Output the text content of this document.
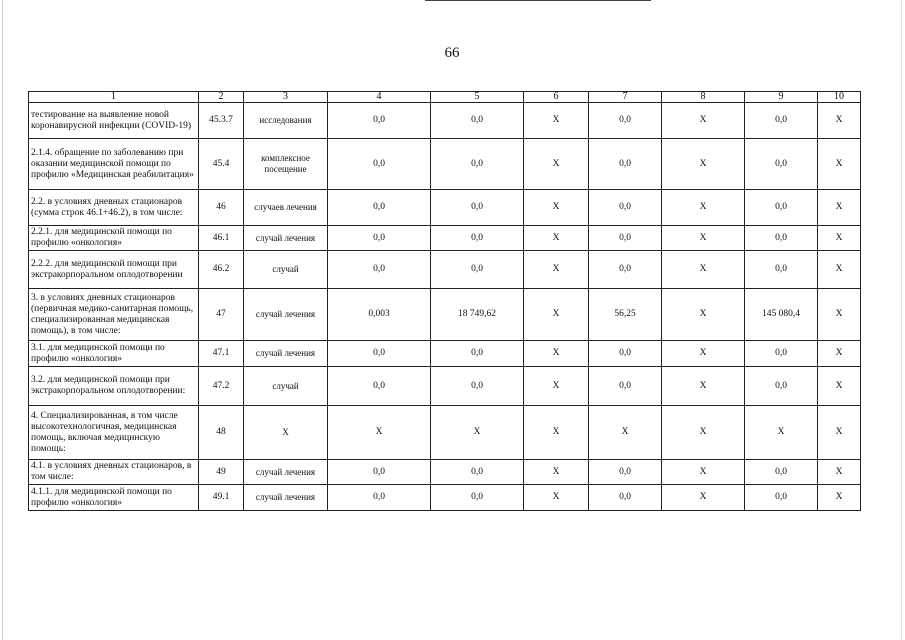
66
1	2	3	4	5	6	7	8	9	10
тестирование на выявление новой коронавирусной инфекции (COVID-19)	45.3.7	исследования	0,0	0,0	Х	0,0	Х	0,0	Х
2.1.4. обращение по заболеванию при оказании медицинской помощи по профилю «Медицинская реабилитация»	45.4	комплексное посещение	0,0	0,0	Х	0,0	Х	0,0	Х
2.2. в условиях дневных стационаров (сумма строк 46.1+46.2), в том числе:	46	случаев лечения	0,0	0,0	Х	0,0	Х	0,0	Х
2.2.1. для медицинской помощи по профилю «онкология»	46.1	случай лечения	0,0	0,0	Х	0,0	Х	0,0	Х
2.2.2. для медицинской помощи при экстракорпоральном оплодотворении	46.2	случай	0,0	0,0	Х	0,0	Х	0,0	Х
3. в условиях дневных стационаров (первичная медико-санитарная помощь, специализированная медицинская помощь), в том числе:	47	случай лечения	0,003	18 749,62	Х	56,25	Х	145 080,4	Х
3.1. для медицинской помощи по профилю «онкология»	47.1	случай лечения	0,0	0,0	Х	0,0	Х	0,0	Х
3.2. для медицинской помощи при экстракорпоральном оплодотворении:	47.2	случай	0,0	0,0	Х	0,0	Х	0,0	Х
4. Специализированная, в том числе высокотехнологичная, медицинская помощь, включая медицинскую помощь:	48	Х	Х	Х	Х	Х	Х	Х	Х
4.1. в условиях дневных стационаров, в том числе:	49	случай лечения	0,0	0,0	Х	0,0	Х	0,0	Х
4.1.1. для медицинской помощи по профилю «онкология»	49.1	случай лечения	0,0	0,0	Х	0,0	Х	0,0	Х
